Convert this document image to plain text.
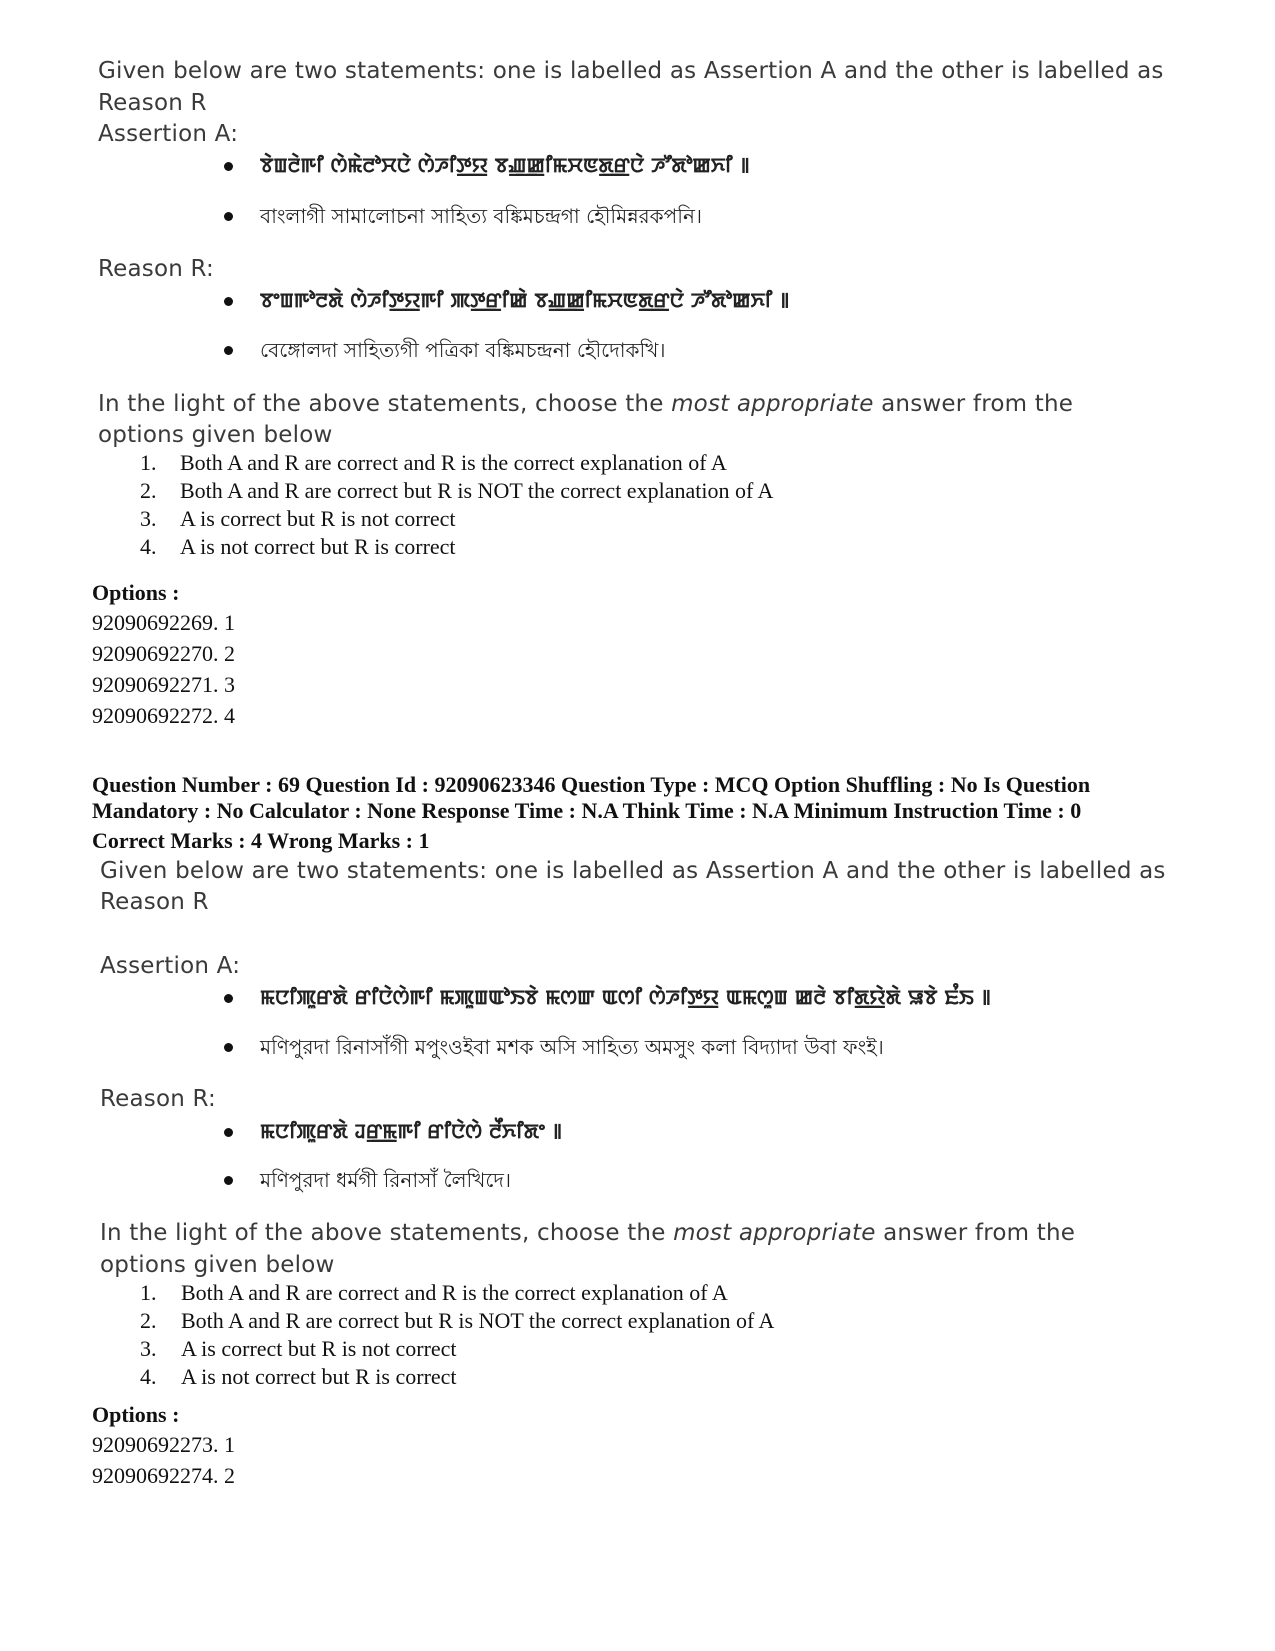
Given below are two statements: one is labelled as Assertion A and the other is labelled as
Reason R
Assertion A:
ꯕꯥꯡꯂꯥꯒꯤ ꯁꯥꯃꯥꯂꯣꯆꯅꯥ ꯁꯥꯍꯤꯇ꯭ꯌ ꯕꯉ꯭ꯀꯤꯃꯆꯟꯗ꯭ꯔꯅꯥ ꯍꯧꯗꯣꯀꯈꯤ ꯫
বাংলাগী সামালোচনা সাহিত্য বঙ্কিমচন্দ্রগা হৌমিন্নরকপনি।
Reason R:
ꯕꯦꯡꯒꯣꯂꯗꯥ ꯁꯥꯍꯤꯇ꯭ꯌꯒꯤ ꯄꯇ꯭ꯔꯤꯀꯥ ꯕꯉ꯭ꯀꯤꯃꯆꯟꯗ꯭ꯔꯅꯥ ꯍꯧꯗꯣꯀꯈꯤ ꯫
বেঙ্গোলদা সাহিত্যগী পত্রিকা বঙ্কিমচন্দ্রনা হৌদোকখি।
In the light of the above statements, choose the most appropriate answer from the
options given below
1. Both A and R are correct and R is the correct explanation of A
2. Both A and R are correct but R is NOT the correct explanation of A
3. A is correct but R is not correct
4. A is not correct but R is correct
Options :
92090692269. 1
92090692270. 2
92090692271. 3
92090692272. 4
Question Number : 69 Question Id : 92090623346 Question Type : MCQ Option Shuffling : No Is Question
Mandatory : No Calculator : None Response Time : N.A Think Time : N.A Minimum Instruction Time : 0
Correct Marks : 4 Wrong Marks : 1
Given below are two statements: one is labelled as Assertion A and the other is labelled as
Reason R
Assertion A:
ꯃꯅꯤꯄꯨꯔꯗꯥ ꯔꯤꯅꯥꯁꯥꯒꯤ ꯃꯄꯨꯡꯑꯣꯏꯕꯥ ꯃꯁꯛ ꯑꯁꯤ ꯁꯥꯍꯤꯇ꯭ꯌ ꯑꯃꯁꯨꯡ ꯀꯂꯥ ꯕꯤꯗ꯭ꯌꯥꯗꯥ ꯎꯕꯥ ꯐꯪꯏ ꯫
মণিপুরদা রিনাসাঁগী মপুংওইবা মশক অসি সাহিত্য অমসুং কলা বিদ্যাদা উবা ফংই।
Reason R:
ꯃꯅꯤꯄꯨꯔꯗꯥ ꯙꯔ꯭ꯃꯒꯤ ꯔꯤꯅꯥꯁꯥ ꯂꯩꯈꯤꯗꯦ ꯫
মণিপুরদা ধর্মগী রিনাসাঁ লৈখিদে।
In the light of the above statements, choose the most appropriate answer from the
options given below
1. Both A and R are correct and R is the correct explanation of A
2. Both A and R are correct but R is NOT the correct explanation of A
3. A is correct but R is not correct
4. A is not correct but R is correct
Options :
92090692273. 1
92090692274. 2
